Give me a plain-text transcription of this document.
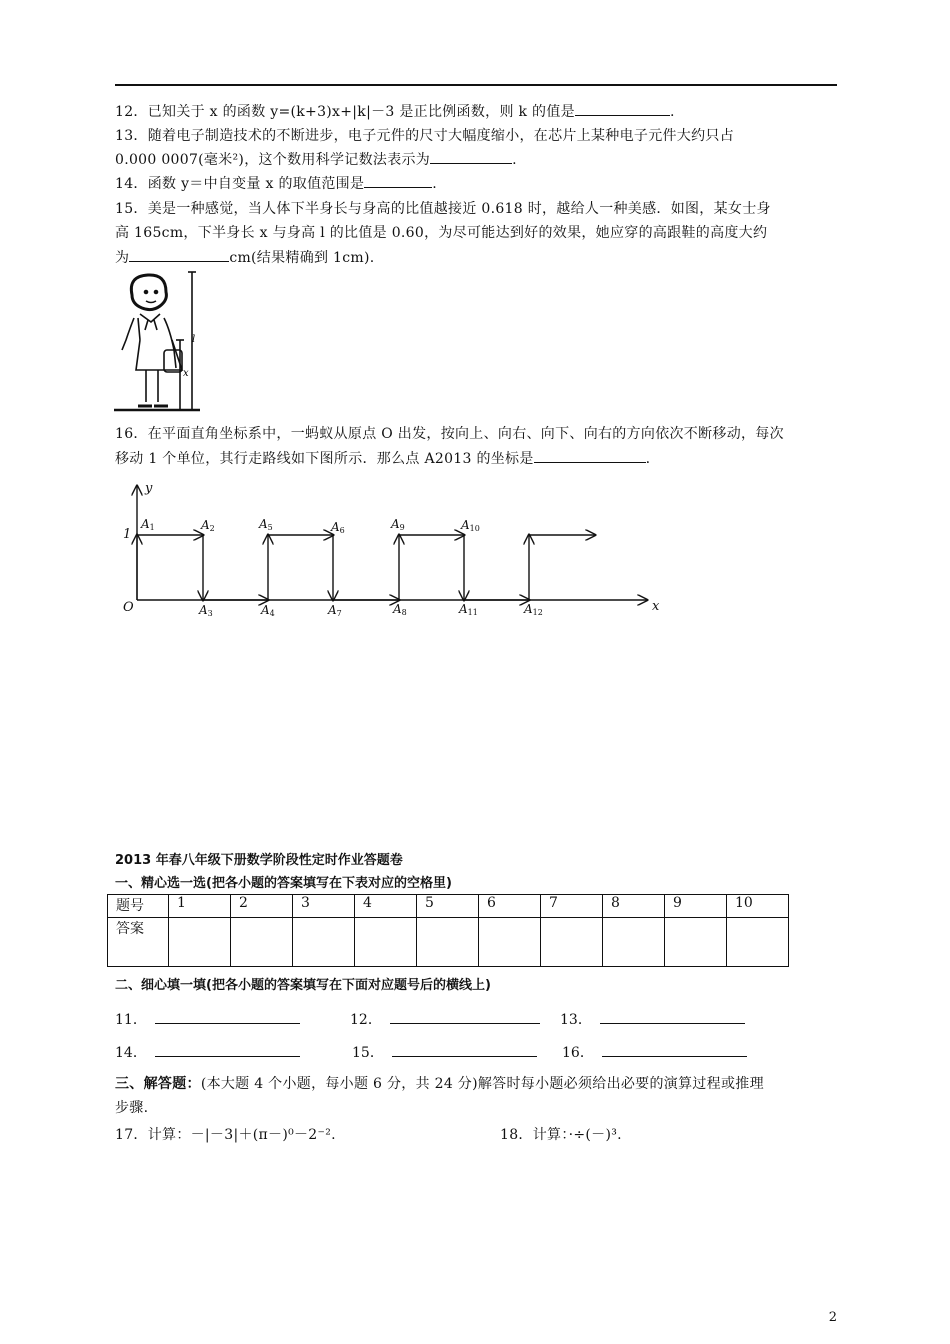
12．已知关于 x 的函数 y=(k+3)x+|k|－3 是正比例函数，则 k 的值是	.
13．随着电子制造技术的不断进步，电子元件的尺寸大幅度缩小，在芯片上某种电子元件大约只占
0.000 0007(毫米²)，这个数用科学记数法表示为	.
14．函数 y＝中自变量 x 的取值范围是	.
15．美是一种感觉，当人体下半身长与身高的比值越接近 0.618 时，越给人一种美感．如图，某女士身
高 165cm，下半身长 x 与身高 l 的比值是 0.60，为尽可能达到好的效果，她应穿的高跟鞋的高度大约
为	cm(结果精确到 1cm).
l
x
16．在平面直角坐标系中，一蚂蚁从原点 O 出发，按向上、向右、向下、向右的方向依次不断移动，每次
移动 1 个单位，其行走路线如下图所示．那么点 A2013 的坐标是	.
y
x
O
1
A1	A2
A3	A4
A5	A6
A7	A8
A9	A10
A11	A12
2013 年春八年级下册数学阶段性定时作业答题卷
一、精心选一选(把各小题的答案填写在下表对应的空格里)
题号	1	2	3	4	5	6	7	8	9	10
答案										
二、细心填一填(把各小题的答案填写在下面对应题号后的横线上)
11．	12．	13．
14．	15．	16．
三、解答题：(本大题 4 个小题，每小题 6 分，共 24 分)解答时每小题必须给出必要的演算过程或推理
步骤.
17．计算：－|－3|＋(π－)⁰－2⁻².	18．计算：·÷(－)³.
2
